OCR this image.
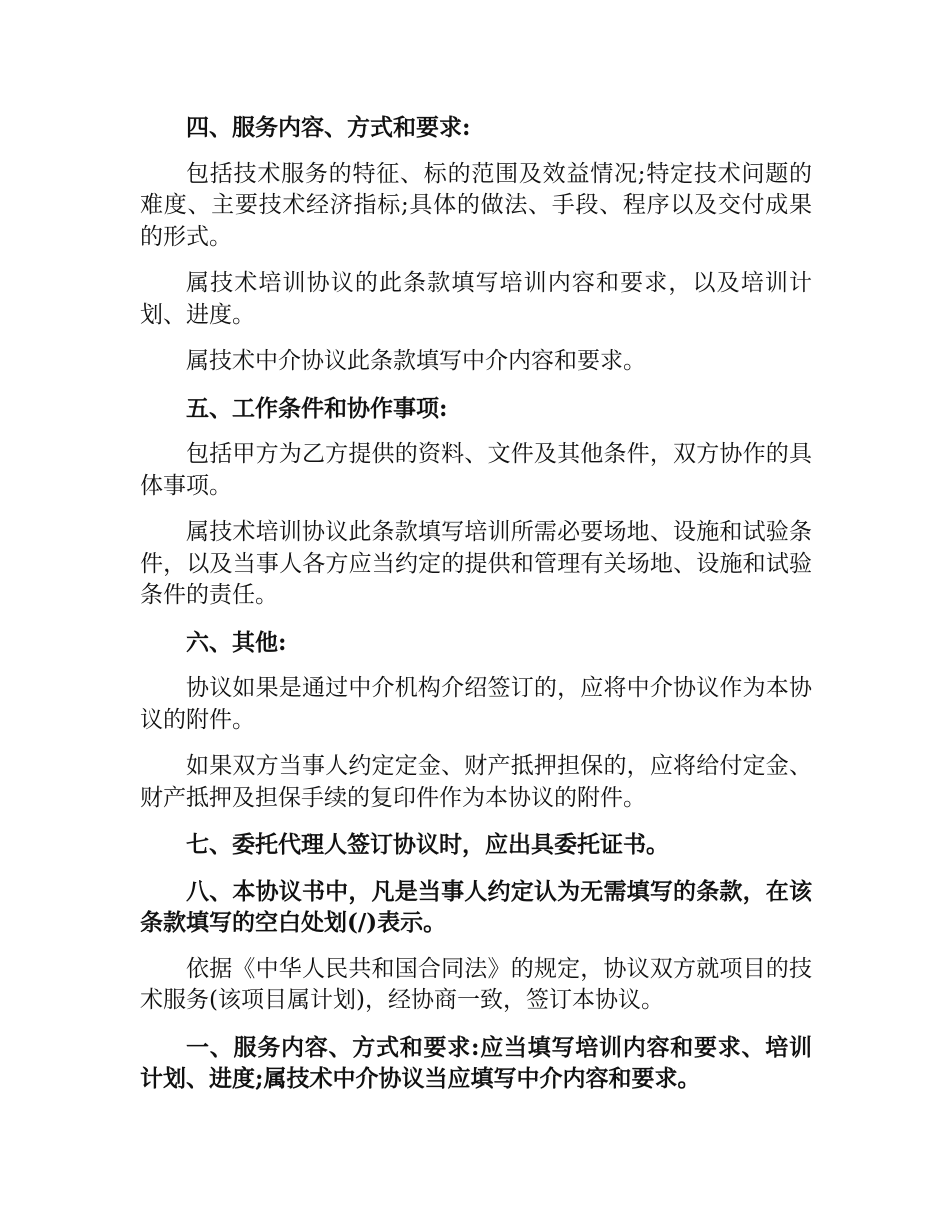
四、服务内容、方式和要求:

包括技术服务的特征、标的范围及效益情况;特定技术问题的难度、主要技术经济指标;具体的做法、手段、程序以及交付成果的形式。

属技术培训协议的此条款填写培训内容和要求，以及培训计划、进度。

属技术中介协议此条款填写中介内容和要求。

五、工作条件和协作事项:

包括甲方为乙方提供的资料、文件及其他条件，双方协作的具体事项。

属技术培训协议此条款填写培训所需必要场地、设施和试验条件，以及当事人各方应当约定的提供和管理有关场地、设施和试验条件的责任。

六、其他:

协议如果是通过中介机构介绍签订的，应将中介协议作为本协议的附件。

如果双方当事人约定定金、财产抵押担保的，应将给付定金、财产抵押及担保手续的复印件作为本协议的附件。

七、委托代理人签订协议时，应出具委托证书。

八、本协议书中，凡是当事人约定认为无需填写的条款，在该条款填写的空白处划(/)表示。

依据《中华人民共和国合同法》的规定，协议双方就项目的技术服务(该项目属计划)，经协商一致，签订本协议。

一、服务内容、方式和要求:应当填写培训内容和要求、培训计划、进度;属技术中介协议当应填写中介内容和要求。
